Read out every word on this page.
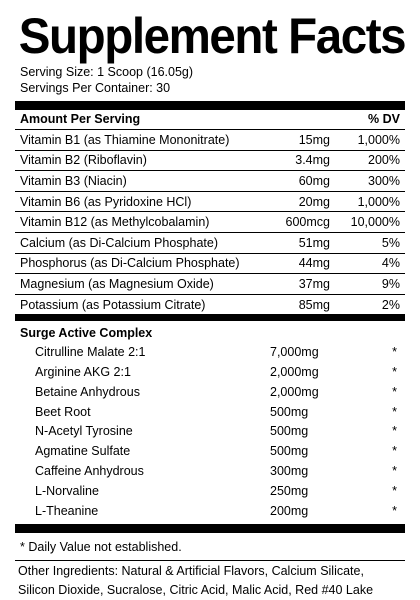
Supplement Facts
Serving Size: 1 Scoop (16.05g)
Servings Per Container: 30
Amount Per Serving	% DV
Vitamin B1 (as Thiamine Mononitrate)	15mg	1,000%
Vitamin B2 (Riboflavin)	3.4mg	200%
Vitamin B3 (Niacin)	60mg	300%
Vitamin B6 (as Pyridoxine HCl)	20mg	1,000%
Vitamin B12 (as Methylcobalamin)	600mcg	10,000%
Calcium (as Di-Calcium Phosphate)	51mg	5%
Phosphorus (as Di-Calcium Phosphate)	44mg	4%
Magnesium (as Magnesium Oxide)	37mg	9%
Potassium (as Potassium Citrate)	85mg	2%
Surge Active Complex
Citrulline Malate 2:1	7,000mg	*
Arginine AKG 2:1	2,000mg	*
Betaine Anhydrous	2,000mg	*
Beet Root	500mg	*
N-Acetyl Tyrosine	500mg	*
Agmatine Sulfate	500mg	*
Caffeine Anhydrous	300mg	*
L-Norvaline	250mg	*
L-Theanine	200mg	*
* Daily Value not established.
Other Ingredients: Natural & Artificial Flavors, Calcium Silicate,
Silicon Dioxide, Sucralose, Citric Acid, Malic Acid, Red #40 Lake
